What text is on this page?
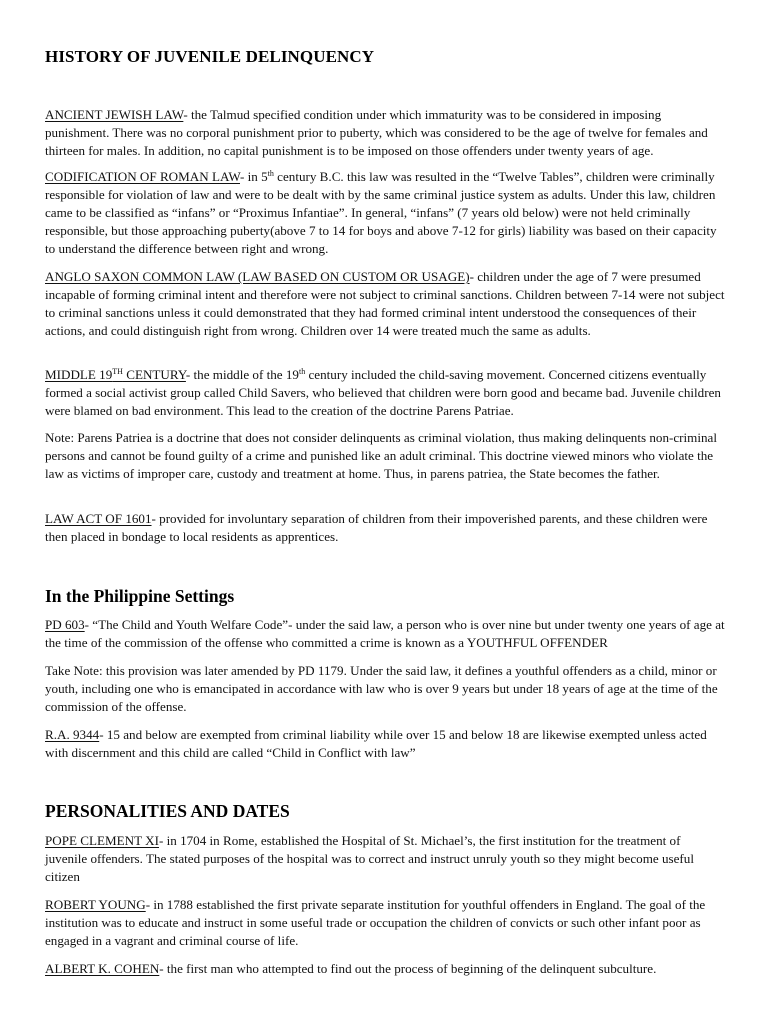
HISTORY OF JUVENILE DELINQUENCY

ANCIENT JEWISH LAW- the Talmud specified condition under which immaturity was to be considered in imposing punishment. There was no corporal punishment prior to puberty, which was considered to be the age of twelve for females and thirteen for males. In addition, no capital punishment is to be imposed on those offenders under twenty years of age.

CODIFICATION OF ROMAN LAW- in 5th century B.C. this law was resulted in the “Twelve Tables”, children were criminally responsible for violation of law and were to be dealt with by the same criminal justice system as adults. Under this law, children came to be classified as “infans” or “Proximus Infantiae”. In general, “infans” (7 years old below) were not held criminally responsible, but those approaching puberty(above 7 to 14 for boys and above 7-12 for girls) liability was based on their capacity to understand the difference between right and wrong.

ANGLO SAXON COMMON LAW (LAW BASED ON CUSTOM OR USAGE)- children under the age of 7 were presumed incapable of forming criminal intent and therefore were not subject to criminal sanctions. Children between 7-14 were not subject to criminal sanctions unless it could demonstrated that they had formed criminal intent understood the consequences of their actions, and could distinguish right from wrong. Children over 14 were treated much the same as adults.

MIDDLE 19TH CENTURY- the middle of the 19th century included the child-saving movement. Concerned citizens eventually formed a social activist group called Child Savers, who believed that children were born good and became bad. Juvenile children were blamed on bad environment. This lead to the creation of the doctrine Parens Patriae.

Note: Parens Patriea is a doctrine that does not consider delinquents as criminal violation, thus making delinquents non-criminal persons and cannot be found guilty of a crime and punished like an adult criminal. This doctrine viewed minors who violate the law as victims of improper care, custody and treatment at home. Thus, in parens patriea, the State becomes the father.

LAW ACT OF 1601- provided for involuntary separation of children from their impoverished parents, and these children were then placed in bondage to local residents as apprentices.

In the Philippine Settings

PD 603- “The Child and Youth Welfare Code”- under the said law, a person who is over nine but under twenty one years of age at the time of the commission of the offense who committed a crime is known as a YOUTHFUL OFFENDER

Take Note: this provision was later amended by PD 1179. Under the said law, it defines a youthful offenders as a child, minor or youth, including one who is emancipated in accordance with law who is over 9 years but under 18 years of age at the time of the commission of the offense.

R.A. 9344- 15 and below are exempted from criminal liability while over 15 and below 18 are likewise exempted unless acted with discernment and this child are called “Child in Conflict with law”

PERSONALITIES AND DATES

POPE CLEMENT XI- in 1704 in Rome, established the Hospital of St. Michael’s, the first institution for the treatment of juvenile offenders. The stated purposes of the hospital was to correct and instruct unruly youth so they might become useful citizen

ROBERT YOUNG- in 1788 established the first private separate institution for youthful offenders in England. The goal of the institution was to educate and instruct in some useful trade or occupation the children of convicts or such other infant poor as engaged in a vagrant and criminal course of life.

ALBERT K. COHEN- the first man who attempted to find out the process of beginning of the delinquent subculture.
